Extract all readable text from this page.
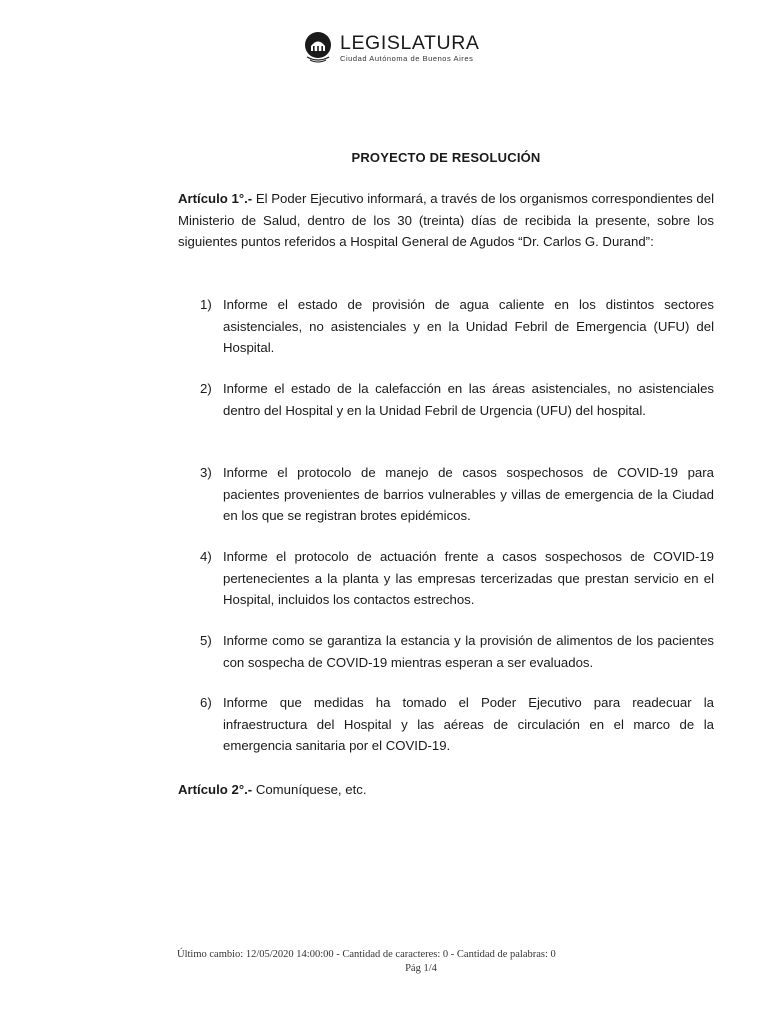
LEGISLATURA
Ciudad Autónoma de Buenos Aires
PROYECTO DE RESOLUCIÓN

Artículo 1°.- El Poder Ejecutivo informará, a través de los organismos correspondientes del Ministerio de Salud, dentro de los 30 (treinta) días de recibida la presente, sobre los siguientes puntos referidos a Hospital General de Agudos “Dr. Carlos G. Durand”:

1) Informe el estado de provisión de agua caliente en los distintos sectores asistenciales, no asistenciales y en la Unidad Febril de Emergencia (UFU) del Hospital.
2) Informe el estado de la calefacción en las áreas asistenciales, no asistenciales dentro del Hospital y en la Unidad Febril de Urgencia (UFU) del hospital.
3) Informe el protocolo de manejo de casos sospechosos de COVID-19 para pacientes provenientes de barrios vulnerables y villas de emergencia de la Ciudad en los que se registran brotes epidémicos.
4) Informe el protocolo de actuación frente a casos sospechosos de COVID-19 pertenecientes a la planta y las empresas tercerizadas que prestan servicio en el Hospital, incluidos los contactos estrechos.
5) Informe como se garantiza la estancia y la provisión de alimentos de los pacientes con sospecha de COVID-19 mientras esperan a ser evaluados.
6) Informe que medidas ha tomado el Poder Ejecutivo para readecuar la infraestructura del Hospital y las aéreas de circulación en el marco de la emergencia sanitaria por el COVID-19.

Artículo 2°.- Comuníquese, etc.

Último cambio: 12/05/2020 14:00:00 - Cantidad de caracteres: 0 - Cantidad de palabras: 0
Pág 1/4
